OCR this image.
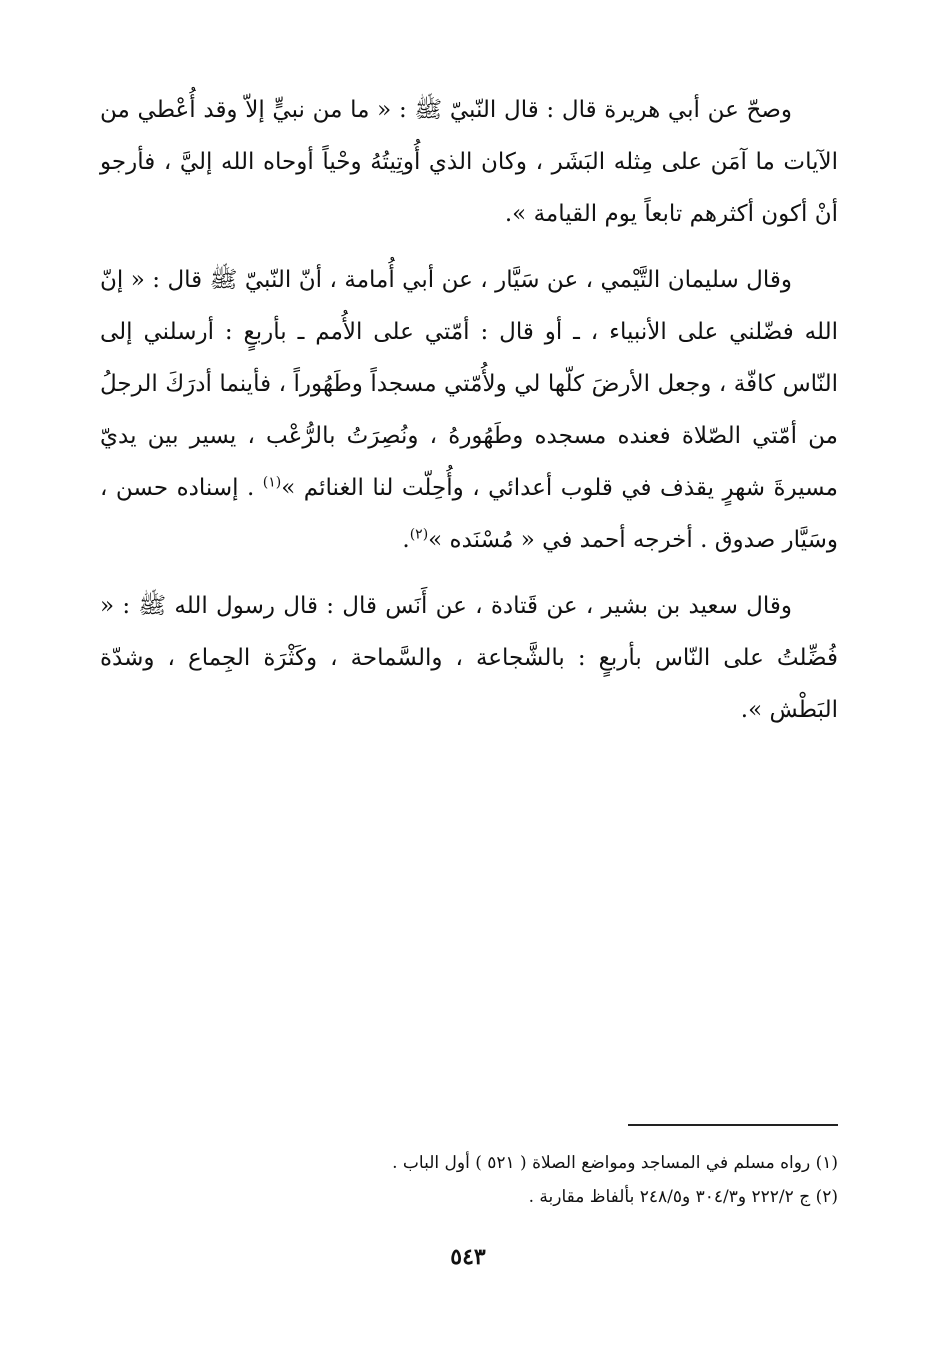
وصحّ عن أبي هريرة قال : قال النّبيّ ﷺ : « ما من نبيٍّ إلاّ وقد أُعْطي من الآيات ما آمَن على مِثله البَشَر ، وكان الذي أُوتِيتُهُ وحْياً أوحاه الله إليَّ ، فأرجو أنْ أكون أكثرهم تابعاً يوم القيامة ».

وقال سليمان التَّيْمي ، عن سَيَّار ، عن أبي أُمامة ، أنّ النّبيّ ﷺ قال : « إنّ الله فضّلني على الأنبياء ، ـ أو قال : أمّتي على الأُمم ـ بأربعٍ : أرسلني إلى النّاس كافّة ، وجعل الأرضَ كلّها لي ولأُمّتي مسجداً وطَهُوراً ، فأينما أدرَكَ الرجلُ من أمّتي الصّلاة فعنده مسجده وطَهُورهُ ، ونُصِرَتُ بالرُّعْب ، يسير بين يديّ مسيرةَ شهرٍ يقذف في قلوب أعدائي ، وأُحِلّت لنا الغنائم »$^{(١)}$ . إسناده حسن ، وسَيَّار صدوق . أخرجه أحمد في « مُسْنَده »$^{(٢)}$.

وقال سعيد بن بشير ، عن قَتادة ، عن أَنَس قال : قال رسول الله ﷺ : « فُضِّلتُ على النّاس بأربعٍ : بالشَّجاعة ، والسَّماحة ، وكَثْرَة الجِماع ، وشدّة البَطْش ».

(١) رواه مسلم في المساجد ومواضع الصلاة ( ٥٢١ ) أول الباب .

(٢) ج ٢٢٢/٢ و٣٠٤/٣ و٢٤٨/٥ بألفاظ مقاربة .

٥٤٣
